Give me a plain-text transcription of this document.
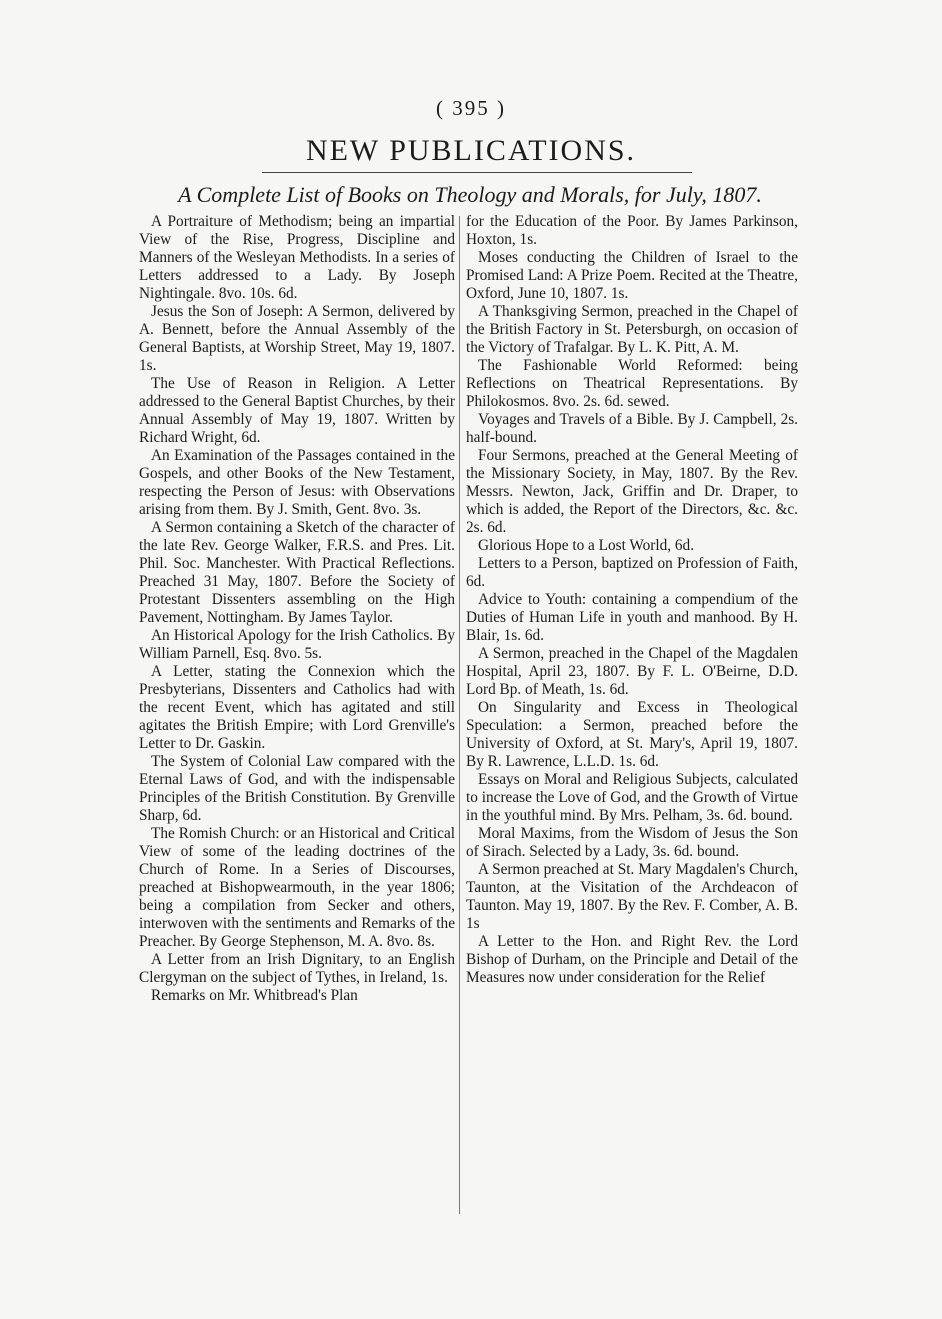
( 395 )
NEW PUBLICATIONS.
A Complete List of Books on Theology and Morals, for July, 1807.

A Portraiture of Methodism; being an impartial View of the Rise, Progress, Discipline and Manners of the Wesleyan Methodists. In a series of Letters addressed to a Lady. By Joseph Nightingale. 8vo. 10s. 6d.

Jesus the Son of Joseph: A Sermon, delivered by A. Bennett, before the Annual Assembly of the General Baptists, at Worship Street, May 19, 1807. 1s.

The Use of Reason in Religion. A Letter addressed to the General Baptist Churches, by their Annual Assembly of May 19, 1807. Written by Richard Wright, 6d.

An Examination of the Passages contained in the Gospels, and other Books of the New Testament, respecting the Person of Jesus: with Observations arising from them. By J. Smith, Gent. 8vo. 3s.

A Sermon containing a Sketch of the character of the late Rev. George Walker, F.R.S. and Pres. Lit. Phil. Soc. Manchester. With Practical Reflections. Preached 31 May, 1807. Before the Society of Protestant Dissenters assembling on the High Pavement, Nottingham. By James Taylor.

An Historical Apology for the Irish Catholics. By William Parnell, Esq. 8vo. 5s.

A Letter, stating the Connexion which the Presbyterians, Dissenters and Catholics had with the recent Event, which has agitated and still agitates the British Empire; with Lord Grenville's Letter to Dr. Gaskin.

The System of Colonial Law compared with the Eternal Laws of God, and with the indispensable Principles of the British Constitution. By Grenville Sharp, 6d.

The Romish Church: or an Historical and Critical View of some of the leading doctrines of the Church of Rome. In a Series of Discourses, preached at Bishopwearmouth, in the year 1806; being a compilation from Secker and others, interwoven with the sentiments and Remarks of the Preacher. By George Stephenson, M. A. 8vo. 8s.

A Letter from an Irish Dignitary, to an English Clergyman on the subject of Tythes, in Ireland, 1s.

Remarks on Mr. Whitbread's Plan

for the Education of the Poor. By James Parkinson, Hoxton, 1s.

Moses conducting the Children of Israel to the Promised Land: A Prize Poem. Recited at the Theatre, Oxford, June 10, 1807. 1s.

A Thanksgiving Sermon, preached in the Chapel of the British Factory in St. Petersburgh, on occasion of the Victory of Trafalgar. By L. K. Pitt, A. M.

The Fashionable World Reformed: being Reflections on Theatrical Representations. By Philokosmos. 8vo. 2s. 6d. sewed.

Voyages and Travels of a Bible. By J. Campbell, 2s. half-bound.

Four Sermons, preached at the General Meeting of the Missionary Society, in May, 1807. By the Rev. Messrs. Newton, Jack, Griffin and Dr. Draper, to which is added, the Report of the Directors, &c. &c. 2s. 6d.

Glorious Hope to a Lost World, 6d.

Letters to a Person, baptized on Profession of Faith, 6d.

Advice to Youth: containing a compendium of the Duties of Human Life in youth and manhood. By H. Blair, 1s. 6d.

A Sermon, preached in the Chapel of the Magdalen Hospital, April 23, 1807. By F. L. O'Beirne, D.D. Lord Bp. of Meath, 1s. 6d.

On Singularity and Excess in Theological Speculation: a Sermon, preached before the University of Oxford, at St. Mary's, April 19, 1807. By R. Lawrence, L.L.D. 1s. 6d.

Essays on Moral and Religious Subjects, calculated to increase the Love of God, and the Growth of Virtue in the youthful mind. By Mrs. Pelham, 3s. 6d. bound.

Moral Maxims, from the Wisdom of Jesus the Son of Sirach. Selected by a Lady, 3s. 6d. bound.

A Sermon preached at St. Mary Magdalen's Church, Taunton, at the Visitation of the Archdeacon of Taunton. May 19, 1807. By the Rev. F. Comber, A. B. 1s

A Letter to the Hon. and Right Rev. the Lord Bishop of Durham, on the Principle and Detail of the Measures now under consideration for the Relief
